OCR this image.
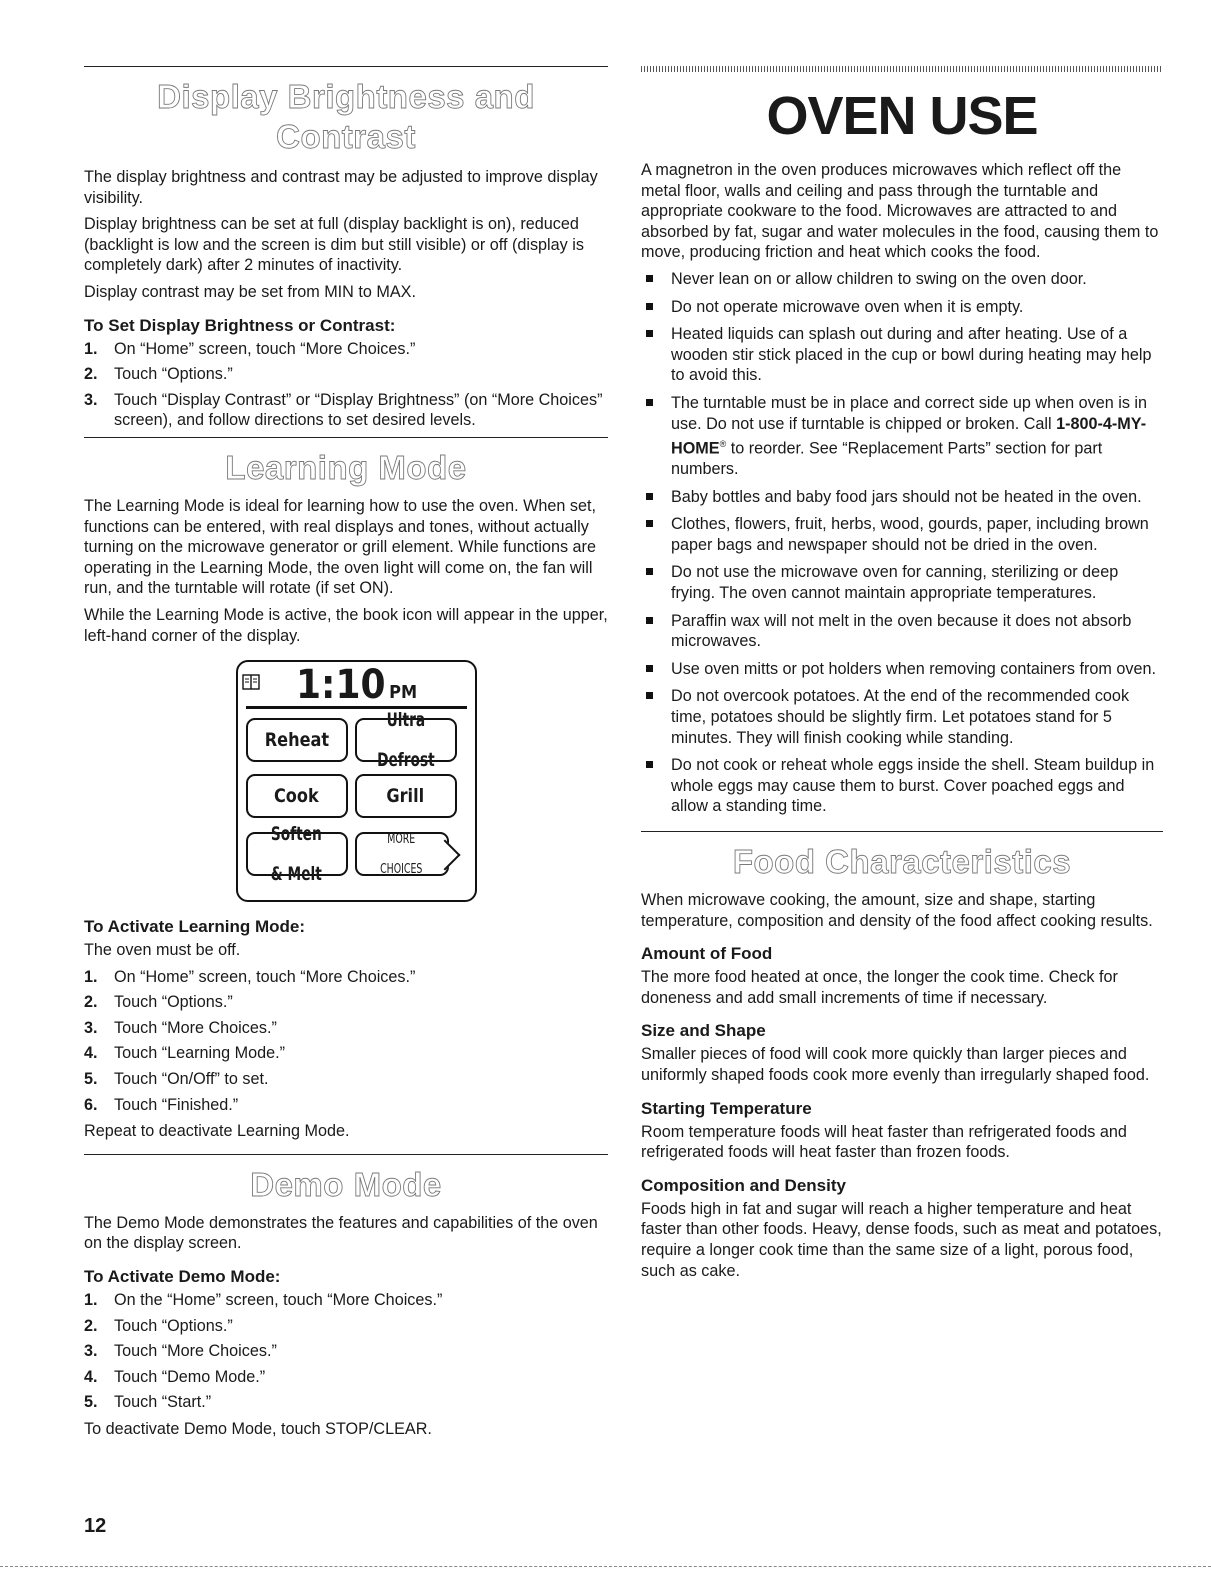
Display Brightness and Contrast

The display brightness and contrast may be adjusted to improve display visibility.

Display brightness can be set at full (display backlight is on), reduced (backlight is low and the screen is dim but still visible) or off (display is completely dark) after 2 minutes of inactivity.

Display contrast may be set from MIN to MAX.

To Set Display Brightness or Contrast:
1. On “Home” screen, touch “More Choices.”
2. Touch “Options.”
3. Touch “Display Contrast” or “Display Brightness” (on “More Choices” screen), and follow directions to set desired levels.
Learning Mode

The Learning Mode is ideal for learning how to use the oven. When set, functions can be entered, with real displays and tones, without actually turning on the microwave generator or grill element. While functions are operating in the Learning Mode, the oven light will come on, the fan will run, and the turntable will rotate (if set ON).

While the Learning Mode is active, the book icon will appear in the upper, left-hand corner of the display.

1:10 PM
Reheat
Ultra

Defrost
Cook	Grill
Soften

& Melt
MORE

CHOICES
To Activate Learning Mode:

The oven must be off.

1. On “Home” screen, touch “More Choices.”
2. Touch “Options.”
3. Touch “More Choices.”
4. Touch “Learning Mode.”
5. Touch “On/Off” to set.
6. Touch “Finished.”

Repeat to deactivate Learning Mode.

Demo Mode

The Demo Mode demonstrates the features and capabilities of the oven on the display screen.

To Activate Demo Mode:
1. On the “Home” screen, touch “More Choices.”
2. Touch “Options.”
3. Touch “More Choices.”
4. Touch “Demo Mode.”
5. Touch “Start.”

To deactivate Demo Mode, touch STOP/CLEAR.

OVEN USE

A magnetron in the oven produces microwaves which reflect off the metal floor, walls and ceiling and pass through the turntable and appropriate cookware to the food. Microwaves are attracted to and absorbed by fat, sugar and water molecules in the food, causing them to move, producing friction and heat which cooks the food.

Never lean on or allow children to swing on the oven door.
Do not operate microwave oven when it is empty.
Heated liquids can splash out during and after heating. Use of a wooden stir stick placed in the cup or bowl during heating may help to avoid this.
The turntable must be in place and correct side up when oven is in use. Do not use if turntable is chipped or broken. Call 1-800-4-MY-HOME® to reorder. See “Replacement Parts” section for part numbers.
Baby bottles and baby food jars should not be heated in the oven.
Clothes, flowers, fruit, herbs, wood, gourds, paper, including brown paper bags and newspaper should not be dried in the oven.
Do not use the microwave oven for canning, sterilizing or deep frying. The oven cannot maintain appropriate temperatures.
Paraffin wax will not melt in the oven because it does not absorb microwaves.
Use oven mitts or pot holders when removing containers from oven.
Do not overcook potatoes. At the end of the recommended cook time, potatoes should be slightly firm. Let potatoes stand for 5 minutes. They will finish cooking while standing.
Do not cook or reheat whole eggs inside the shell. Steam buildup in whole eggs may cause them to burst. Cover poached eggs and allow a standing time.
Food Characteristics

When microwave cooking, the amount, size and shape, starting temperature, composition and density of the food affect cooking results.

Amount of Food

The more food heated at once, the longer the cook time. Check for doneness and add small increments of time if necessary.

Size and Shape

Smaller pieces of food will cook more quickly than larger pieces and uniformly shaped foods cook more evenly than irregularly shaped food.

Starting Temperature

Room temperature foods will heat faster than refrigerated foods and refrigerated foods will heat faster than frozen foods.

Composition and Density

Foods high in fat and sugar will reach a higher temperature and heat faster than other foods. Heavy, dense foods, such as meat and potatoes, require a longer cook time than the same size of a light, porous food, such as cake.

12
